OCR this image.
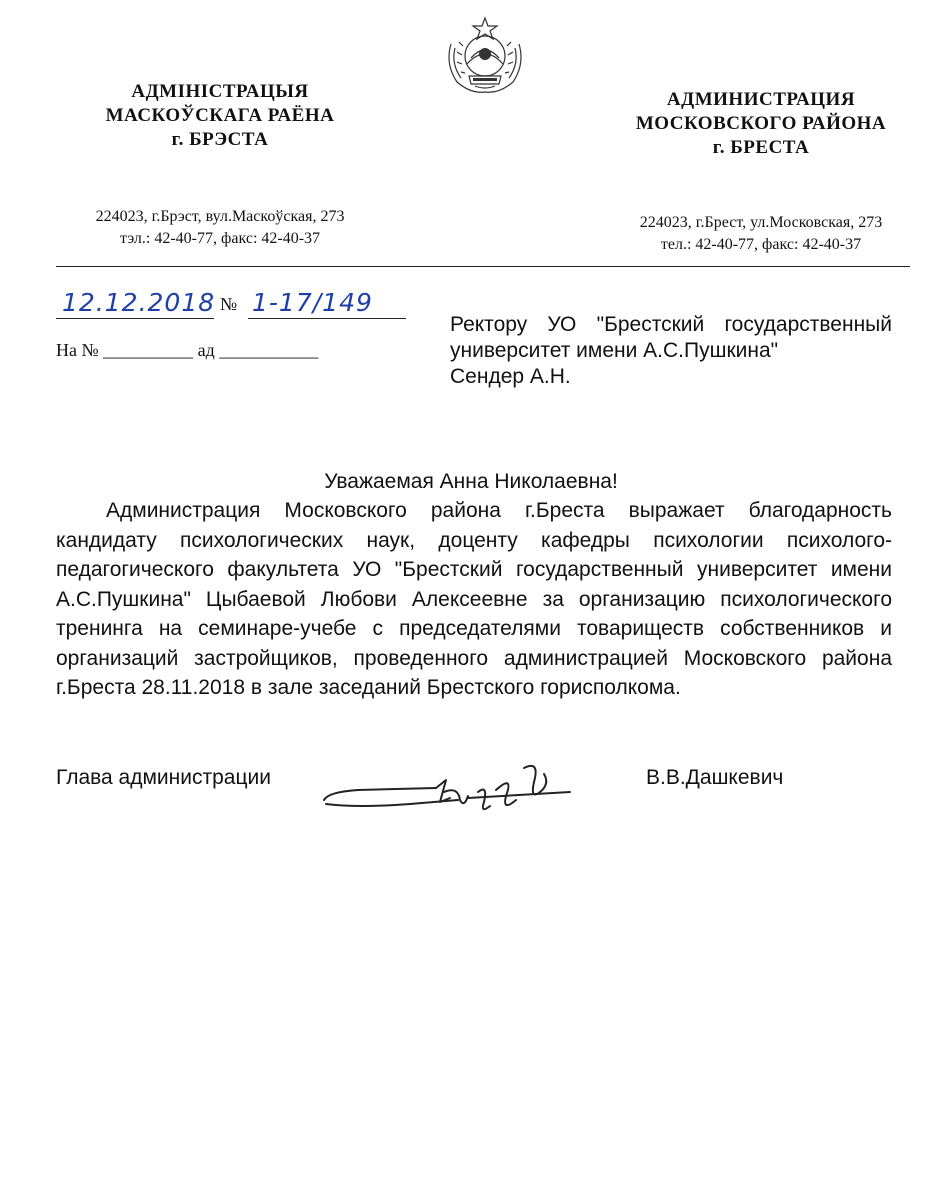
АДМІНІСТРАЦЫЯ
МАСКОЎСКАГА РАЁНА
г. БРЭСТА
АДМИНИСТРАЦИЯ
МОСКОВСКОГО РАЙОНА
г. БРЕСТА
224023, г.Брэст, вул.Маскоўская, 273
тэл.: 42-40-77, факс: 42-40-37
224023, г.Брест, ул.Московская, 273
тел.: 42-40-77, факс: 42-40-37
12.12.2018 № 1-17/149
На № __________ ад ___________
Ректору УО "Брестский государственный университет имени А.С.Пушкина"
Сендер А.Н.
Уважаемая Анна Николаевна!
Администрация Московского района г.Бреста выражает благодарность кандидату психологических наук, доценту кафедры психологии психолого-педагогического факультета УО "Брестский государственный университет имени А.С.Пушкина" Цыбаевой Любови Алексеевне за организацию психологического тренинга на семинаре-учебе с председателями товариществ собственников и организаций застройщиков, проведенного администрацией Московского района г.Бреста 28.11.2018 в зале заседаний Брестского горисполкома.
Глава администрации	В.В.Дашкевич
